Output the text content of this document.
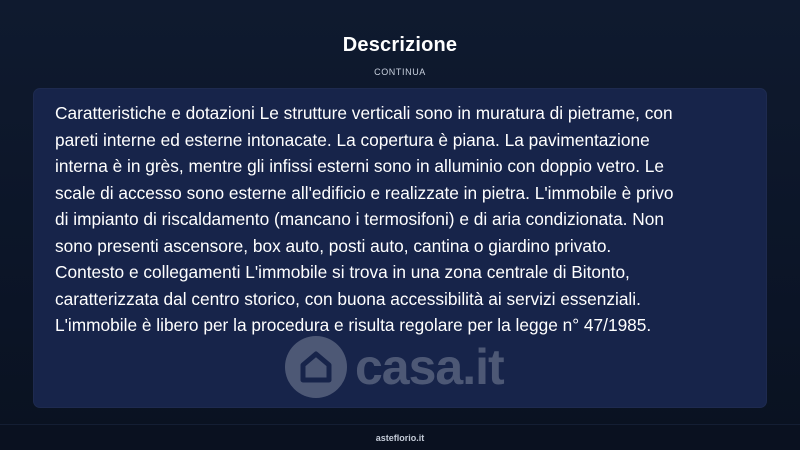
Descrizione
CONTINUA

Caratteristiche e dotazioni Le strutture verticali sono in muratura di pietrame, con
pareti interne ed esterne intonacate. La copertura è piana. La pavimentazione
interna è in grès, mentre gli infissi esterni sono in alluminio con doppio vetro. Le
scale di accesso sono esterne all'edificio e realizzate in pietra. L'immobile è privo
di impianto di riscaldamento (mancano i termosifoni) e di aria condizionata. Non
sono presenti ascensore, box auto, posti auto, cantina o giardino privato.
Contesto e collegamenti L'immobile si trova in una zona centrale di Bitonto,
caratterizzata dal centro storico, con buona accessibilità ai servizi essenziali.
L'immobile è libero per la procedura e risulta regolare per la legge n° 47/1985.

casa.it
asteflorio.it
